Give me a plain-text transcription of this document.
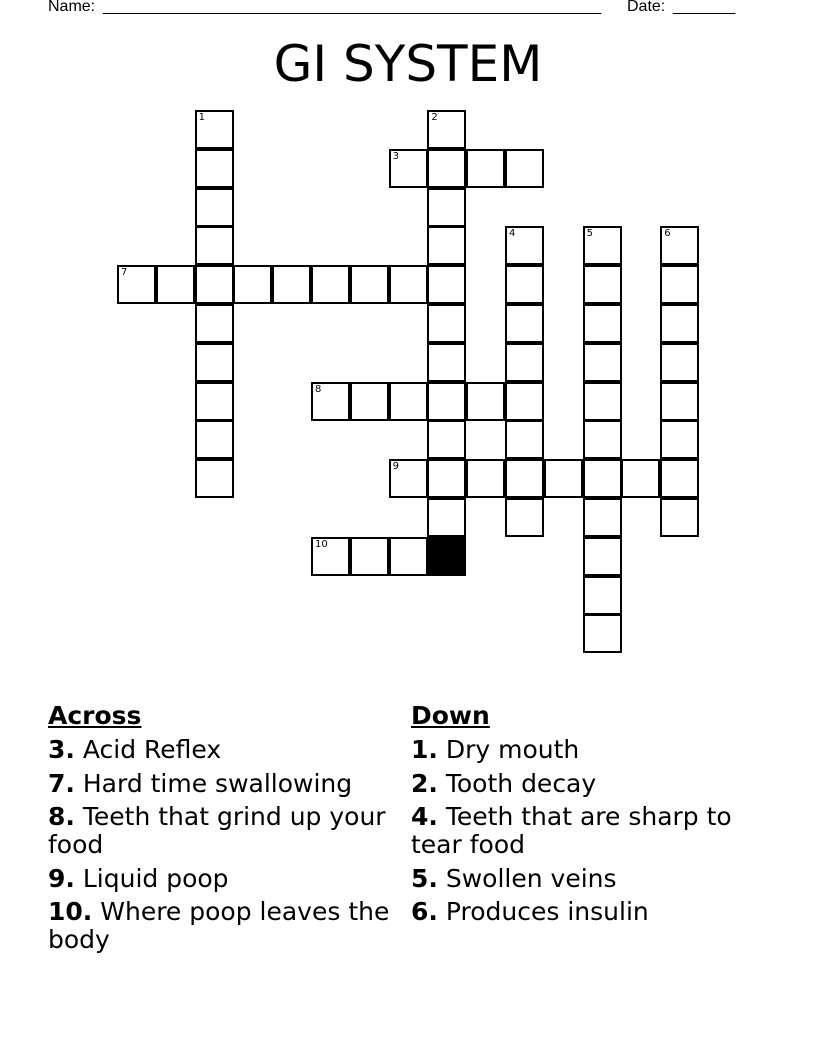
Name: ________________________________________________________ Date: _______
GI SYSTEM
1	2
3
4	5	6
7
8
9
10
Across
3. Acid Reflex
7. Hard time swallowing
8. Teeth that grind up your food
9. Liquid poop
10. Where poop leaves the body
Down
1. Dry mouth
2. Tooth decay
4. Teeth that are sharp to tear food
5. Swollen veins
6. Produces insulin
